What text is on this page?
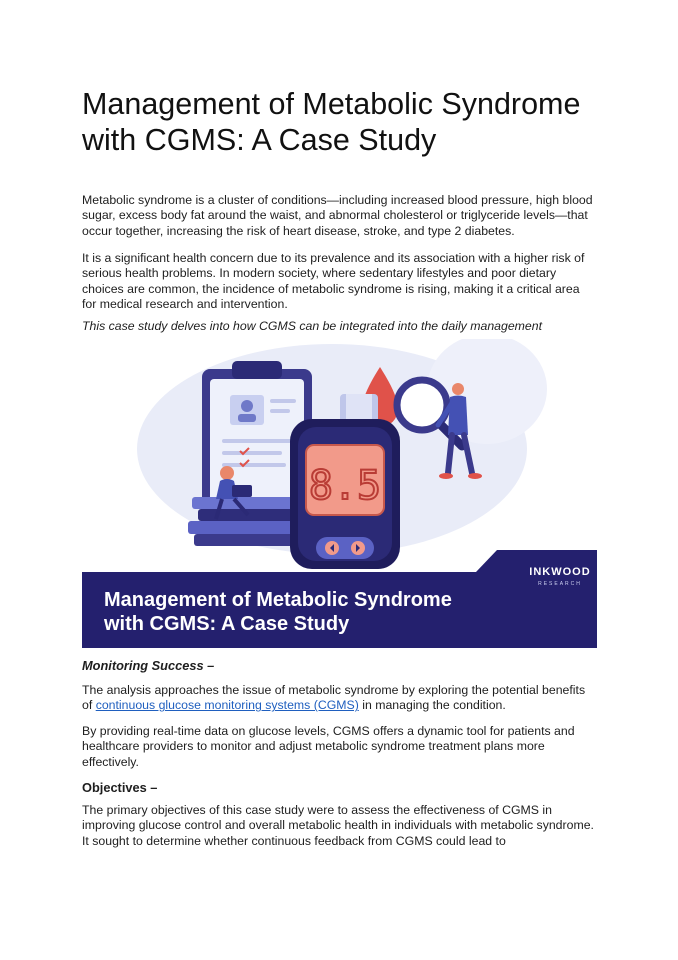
Management of Metabolic Syndrome with CGMS: A Case Study

Metabolic syndrome is a cluster of conditions—including increased blood pressure, high blood sugar, excess body fat around the waist, and abnormal cholesterol or triglyceride levels—that occur together, increasing the risk of heart disease, stroke, and type 2 diabetes.

It is a significant health concern due to its prevalence and its association with a higher risk of serious health problems. In modern society, where sedentary lifestyles and poor dietary choices are common, the incidence of metabolic syndrome is rising, making it a critical area for medical research and intervention.

This case study delves into how CGMS can be integrated into the daily management

Monitoring Success –

The analysis approaches the issue of metabolic syndrome by exploring the potential benefits of continuous glucose monitoring systems (CGMS) in managing the condition.

By providing real-time data on glucose levels, CGMS offers a dynamic tool for patients and healthcare providers to monitor and adjust metabolic syndrome treatment plans more effectively.

Objectives –

The primary objectives of this case study were to assess the effectiveness of CGMS in improving glucose control and overall metabolic health in individuals with metabolic syndrome. It sought to determine whether continuous feedback from CGMS could lead to

8.5
INKWOOD
RESEARCH
Management of Metabolic Syndrome
with CGMS: A Case Study
